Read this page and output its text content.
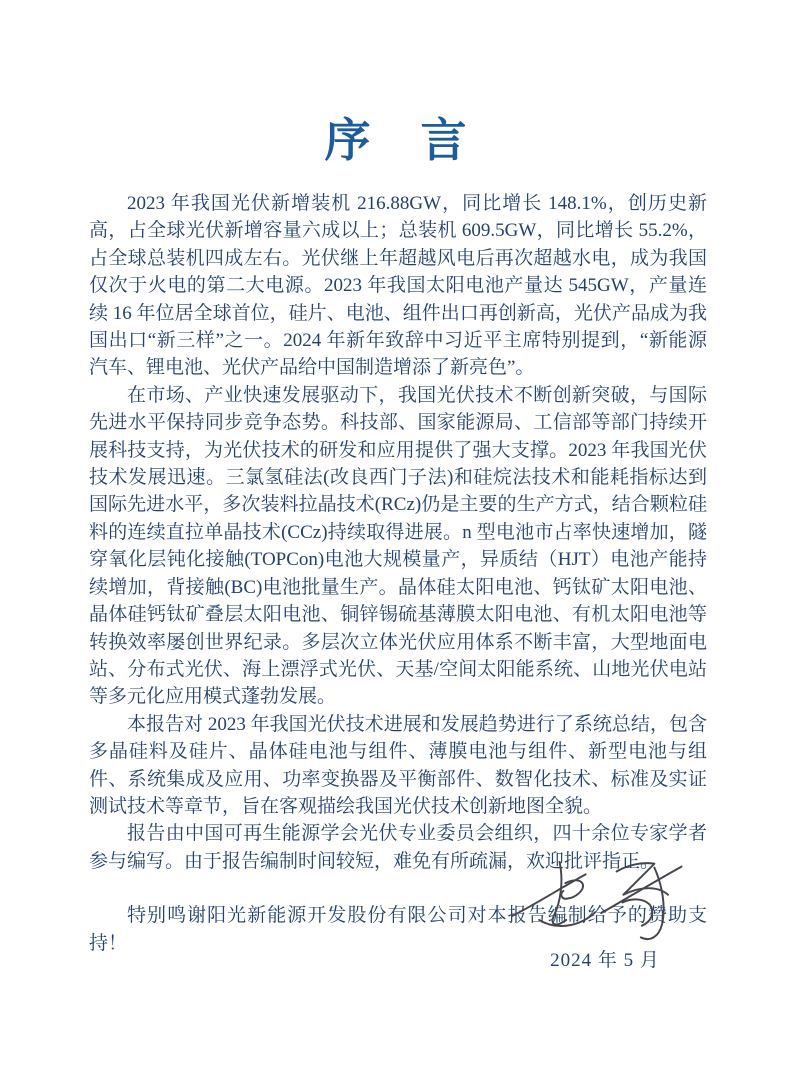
序　言

2023 年我国光伏新增装机 216.88GW，同比增长 148.1%，创历史新高，占全球光伏新增容量六成以上；总装机 609.5GW，同比增长 55.2%，占全球总装机四成左右。光伏继上年超越风电后再次超越水电，成为我国仅次于火电的第二大电源。2023 年我国太阳电池产量达 545GW，产量连续 16 年位居全球首位，硅片、电池、组件出口再创新高，光伏产品成为我国出口“新三样”之一。2024 年新年致辞中习近平主席特别提到，“新能源汽车、锂电池、光伏产品给中国制造增添了新亮色”。

在市场、产业快速发展驱动下，我国光伏技术不断创新突破，与国际先进水平保持同步竞争态势。科技部、国家能源局、工信部等部门持续开展科技支持，为光伏技术的研发和应用提供了强大支撑。2023 年我国光伏技术发展迅速。三氯氢硅法(改良西门子法)和硅烷法技术和能耗指标达到国际先进水平，多次装料拉晶技术(RCz)仍是主要的生产方式，结合颗粒硅料的连续直拉单晶技术(CCz)持续取得进展。n 型电池市占率快速增加，隧穿氧化层钝化接触(TOPCon)电池大规模量产，异质结（HJT）电池产能持续增加，背接触(BC)电池批量生产。晶体硅太阳电池、钙钛矿太阳电池、晶体硅钙钛矿叠层太阳电池、铜锌锡硫基薄膜太阳电池、有机太阳电池等转换效率屡创世界纪录。多层次立体光伏应用体系不断丰富，大型地面电站、分布式光伏、海上漂浮式光伏、天基/空间太阳能系统、山地光伏电站等多元化应用模式蓬勃发展。

本报告对 2023 年我国光伏技术进展和发展趋势进行了系统总结，包含多晶硅料及硅片、晶体硅电池与组件、薄膜电池与组件、新型电池与组件、系统集成及应用、功率变换器及平衡部件、数智化技术、标准及实证测试技术等章节，旨在客观描绘我国光伏技术创新地图全貌。

报告由中国可再生能源学会光伏专业委员会组织，四十余位专家学者参与编写。由于报告编制时间较短，难免有所疏漏，欢迎批评指正。

特别鸣谢阳光新能源开发股份有限公司对本报告编制给予的赞助支持！

2024 年 5 月
